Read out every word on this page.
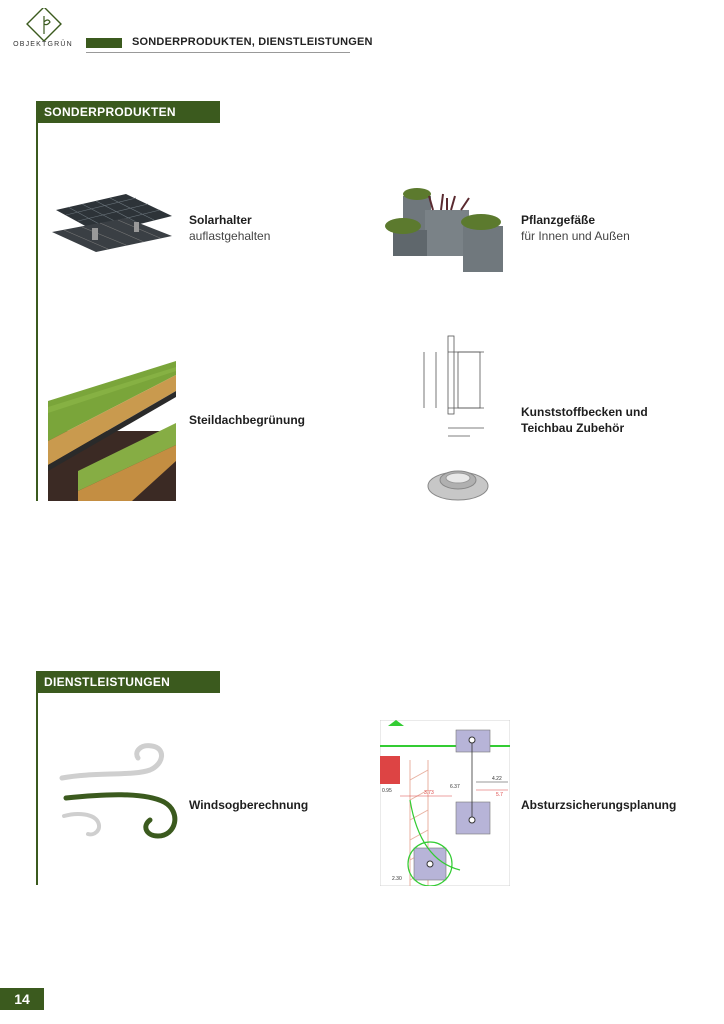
OBJEKTGRÜN	SONDERPRODUKTEN, DIENSTLEISTUNGEN
SONDERPRODUKTEN
Solarhalter
auflastgehalten
Pflanzgefäße
für Innen und Außen
Steildachbegrünung
Kunststoffbecken und
Teichbau Zubehör
DIENSTLEISTUNGEN
Windsogberechnung
3.73
4.22
5.7
0.95
2.30
6.37
Absturzsicherungsplanung
14
